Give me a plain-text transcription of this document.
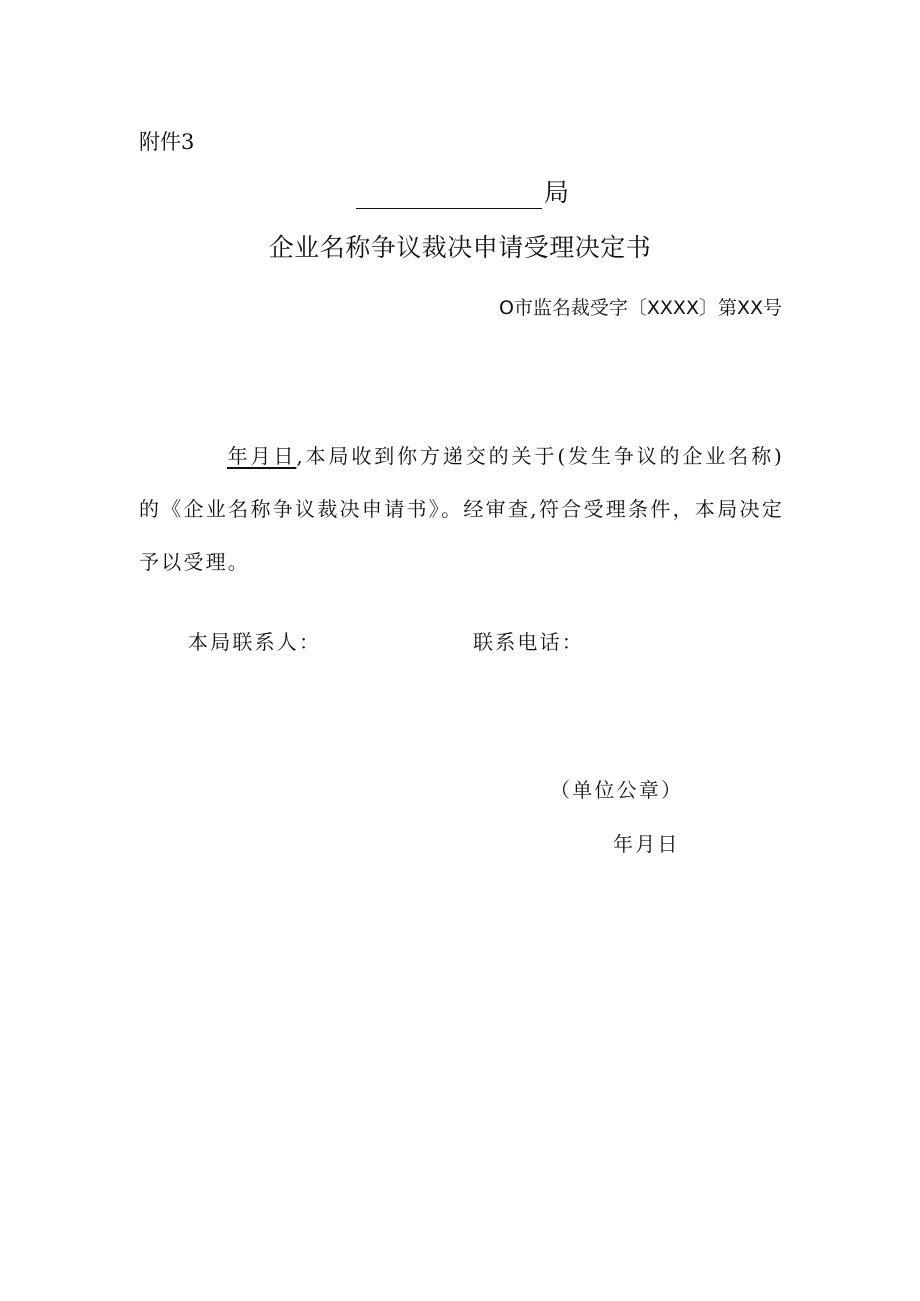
附件3
局
企业名称争议裁决申请受理决定书
O市监名裁受字〔XXXX〕第XX号
年月日,本局收到你方递交的关于(发生争议的企业名称)的《企业名称争议裁决申请书》。经审查,符合受理条件，本局决定予以受理。
本局联系人：	联系电话：
（单位公章）
年月日
